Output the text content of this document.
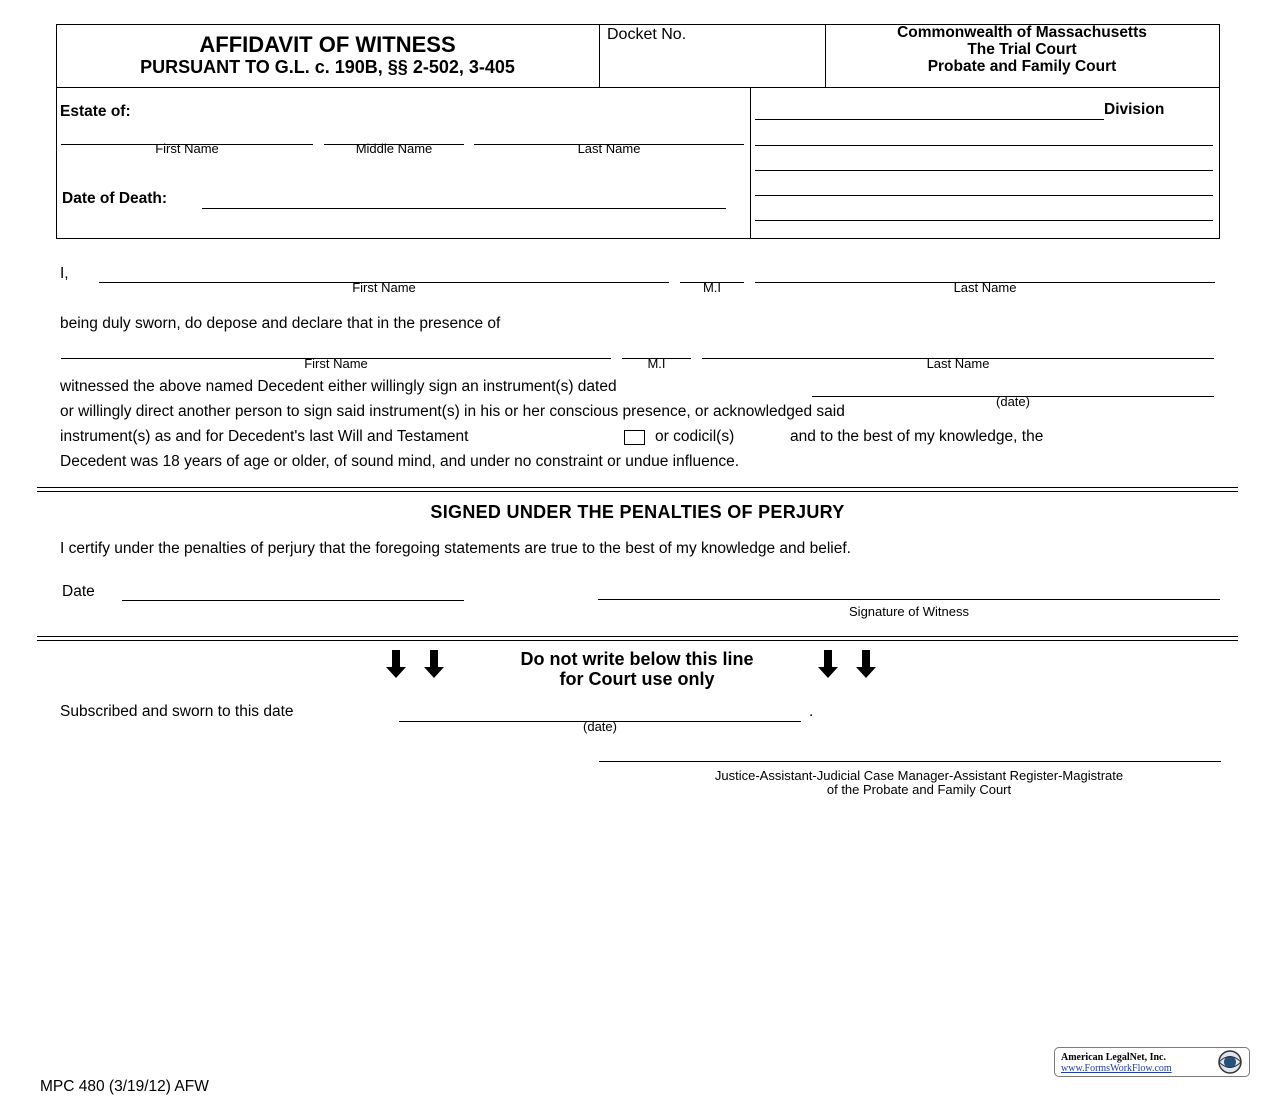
AFFIDAVIT OF WITNESS
PURSUANT TO G.L. c. 190B, §§ 2-502, 3-405
Docket No.	Commonwealth of Massachusetts
The Trial Court
Probate and Family Court
Estate of:
First Name	Middle Name	Last Name
Date of Death:
Division
I,
First Name	M.I	Last Name
being duly sworn, do depose and declare that in the presence of
First Name	M.I	Last Name
witnessed the above named Decedent either willingly sign an instrument(s) dated
(date)
or willingly direct another person to sign said instrument(s) in his or her conscious presence, or acknowledged said
instrument(s) as and for Decedent's last Will and Testament	or codicil(s)	and to the best of my knowledge, the
Decedent was 18 years of age or older, of sound mind, and under no constraint or undue influence.
SIGNED UNDER THE PENALTIES OF PERJURY
I certify under the penalties of perjury that the foregoing statements are true to the best of my knowledge and belief.
Date
Signature of Witness
Do not write below this line
for Court use only
Subscribed and sworn to this date	.
(date)
Justice-Assistant-Judicial Case Manager-Assistant Register-Magistrate
of the Probate and Family Court
MPC 480 (3/19/12) AFW
American LegalNet, Inc.
www.FormsWorkFlow.com
